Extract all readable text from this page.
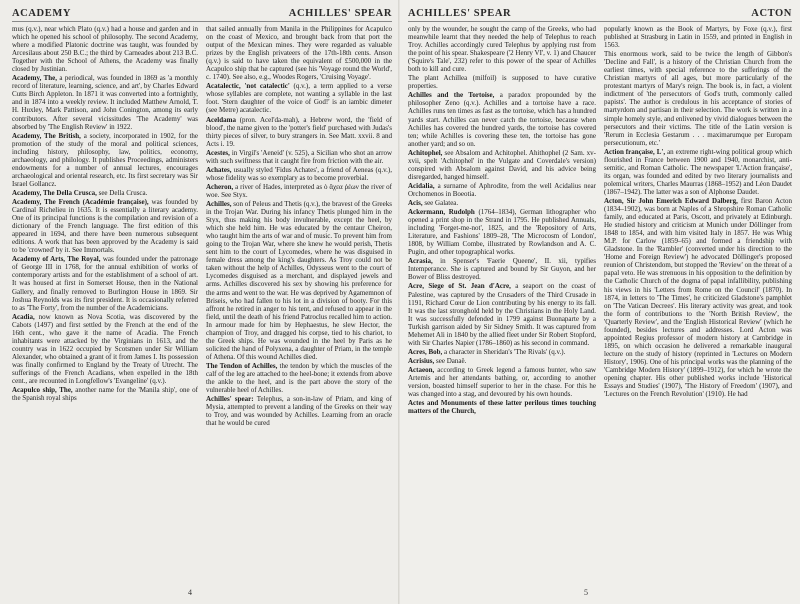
ACADEMY	ACHILLES' SPEAR

mus (q.v.), near which Plato (q.v.) had a house and garden and in which he opened his school of philosophy. The second Academy, where a modified Platonic doctrine was taught, was founded by Arcesilaus about 250 B.C.; the third by Carneades about 213 B.C. Together with the School of Athens, the Academy was finally closed by Justinian.

Academy, The, a periodical, was founded in 1869 as 'a monthly record of literature, learning, science, and art', by Charles Edward Cutts Birch Appleton. In 1871 it was converted into a fortnightly, and in 1874 into a weekly review. It included Matthew Arnold, T. H. Huxley, Mark Pattison, and John Conington, among its early contributors. After several vicissitudes 'The Academy' was absorbed by 'The English Review' in 1922.

Academy, The British, a society, incorporated in 1902, for the promotion of the study of the moral and political sciences, including history, philosophy, law, politics, economy, archaeology, and philology. It publishes Proceedings, administers endowments for a number of annual lectures, encourages archaeological and oriental research, etc. Its first secretary was Sir Israel Gollancz.

Academy, The Della Crusca, see Della Crusca.

Academy, The French (Académie française), was founded by Cardinal Richelieu in 1635. It is essentially a literary academy. One of its principal functions is the compilation and revision of a dictionary of the French language. The first edition of this appeared in 1694, and there have been numerous subsequent editions. A work that has been approved by the Academy is said to be 'crowned' by it. See Immortals.

Academy of Arts, The Royal, was founded under the patronage of George III in 1768, for the annual exhibition of works of contemporary artists and for the establishment of a school of art. It was housed at first in Somerset House, then in the National Gallery, and finally removed to Burlington House in 1869. Sir Joshua Reynolds was its first president. It is occasionally referred to as 'The Forty', from the number of the Academicians.

Acadia, now known as Nova Scotia, was discovered by the Cabots (1497) and first settled by the French at the end of the 16th cent., who gave it the name of Acadia. The French inhabitants were attacked by the Virginians in 1613, and the country was in 1622 occupied by Scotsmen under Sir William Alexander, who obtained a grant of it from James I. Its possession was finally confirmed to England by the Treaty of Utrecht. The sufferings of the French Acadians, when expelled in the 18th cent., are recounted in Longfellow's 'Evangeline' (q.v.).

Acapulco ship, The, another name for the 'Manila ship', one of the Spanish royal ships

that sailed annually from Manila in the Philippines for Acapulco on the coast of Mexico, and brought back from that port the output of the Mexican mines. They were regarded as valuable prizes by the English privateers of the 17th-18th cents. Anson (q.v.) is said to have taken the equivalent of £500,000 in the Acapulco ship that he captured (see his 'Voyage round the World', c. 1740). See also, e.g., Woodes Rogers, 'Cruising Voyage'.

Acatalectic, 'not catalectic' (q.v.), a term applied to a verse whose syllables are complete, not wanting a syllable in the last foot. 'Stern daughter of the voice of God!' is an iambic dimeter (see Metre) acatalectic.

Aceldama (pron. Acel'da-mah), a Hebrew word, the 'field of blood', the name given to the 'potter's field' purchased with Judas's thirty pieces of silver, to bury strangers in. See Matt. xxvii. 8 and Acts i. 19.

Acestes, in Virgil's 'Aeneid' (v. 525), a Sicilian who shot an arrow with such swiftness that it caught fire from friction with the air.

Achates, usually styled 'Fidus Achates', a friend of Aeneas (q.v.), whose fidelity was so exemplary as to become proverbial.

Acheron, a river of Hades, interpreted as ὁ ἄχεα ῥέων the river of woe. See Styx.

Achilles, son of Peleus and Thetis (q.v.), the bravest of the Greeks in the Trojan War. During his infancy Thetis plunged him in the Styx, thus making his body invulnerable, except the heel, by which she held him. He was educated by the centaur Cheiron, who taught him the arts of war and of music. To prevent him from going to the Trojan War, where she knew he would perish, Thetis sent him to the court of Lycomedes, where he was disguised in female dress among the king's daughters. As Troy could not be taken without the help of Achilles, Odysseus went to the court of Lycomedes disguised as a merchant, and displayed jewels and arms. Achilles discovered his sex by showing his preference for the arms and went to the war. He was deprived by Agamemnon of Briseis, who had fallen to his lot in a division of booty. For this affront he retired in anger to his tent, and refused to appear in the field, until the death of his friend Patroclus recalled him to action. In armour made for him by Hephaestus, he slew Hector, the champion of Troy, and dragged his corpse, tied to his chariot, to the Greek ships. He was wounded in the heel by Paris as he solicited the hand of Polyxena, a daughter of Priam, in the temple of Athena. Of this wound Achilles died.

The Tendon of Achilles, the tendon by which the muscles of the calf of the leg are attached to the heel-bone; it extends from above the ankle to the heel, and is the part above the story of the vulnerable heel of Achilles.

Achilles' spear: Telephus, a son-in-law of Priam, and king of Mysia, attempted to prevent a landing of the Greeks on their way to Troy, and was wounded by Achilles. Learning from an oracle that he would be cured

4
ACHILLES' SPEAR	ACTON

only by the wounder, he sought the camp of the Greeks, who had meanwhile learnt that they needed the help of Telephus to reach Troy. Achilles accordingly cured Telephus by applying rust from the point of his spear. Shakespeare ('2 Henry VI', v. 1) and Chaucer ('Squire's Tale', 232) refer to this power of the spear of Achilles both to kill and cure.

The plant Achillea (milfoil) is supposed to have curative properties.

Achilles and the Tortoise, a paradox propounded by the philosopher Zeno (q.v.). Achilles and a tortoise have a race. Achilles runs ten times as fast as the tortoise, which has a hundred yards start. Achilles can never catch the tortoise, because when Achilles has covered the hundred yards, the tortoise has covered ten; while Achilles is covering these ten, the tortoise has gone another yard; and so on.

Achitophel, see Absalom and Achitophel. Ahithophel (2 Sam. xv-xvii, spelt 'Achitophel' in the Vulgate and Coverdale's version) conspired with Absalom against David, and his advice being disregarded, hanged himself.

Acidalia, a surname of Aphrodite, from the well Acidalius near Orchomenos in Boeotia.

Acis, see Galatea.

Ackermann, Rudolph (1764–1834), German lithographer who opened a print shop in the Strand in 1795. He published Annuals, including 'Forget-me-not', 1825, and the 'Repository of Arts, Literature, and Fashions' 1809–28, 'The Microcosm of London', 1808, by William Combe, illustrated by Rowlandson and A. C. Pugin, and other topographical works.

Acrasia, in Spenser's 'Faerie Queene', II. xii, typifies Intemperance. She is captured and bound by Sir Guyon, and her Bower of Bliss destroyed.

Acre, Siege of St. Jean d'Acre, a seaport on the coast of Palestine, was captured by the Crusaders of the Third Crusade in 1191, Richard Cœur de Lion contributing by his energy to its fall. It was the last stronghold held by the Christians in the Holy Land. It was successfully defended in 1799 against Buonaparte by a Turkish garrison aided by Sir Sidney Smith. It was captured from Mehemet Ali in 1840 by the allied fleet under Sir Robert Stopford, with Sir Charles Napier (1786–1860) as his second in command.

Acres, Bob, a character in Sheridan's 'The Rivals' (q.v.).

Acrisius, see Danaë.

Actaeon, according to Greek legend a famous hunter, who saw Artemis and her attendants bathing, or, according to another version, boasted himself superior to her in the chase. For this he was changed into a stag, and devoured by his own hounds.

Actes and Monuments of these latter perilous times touching matters of the Church,

popularly known as the Book of Martyrs, by Foxe (q.v.), first published at Strasburg in Latin in 1559, and printed in English in 1563.

This enormous work, said to be twice the length of Gibbon's 'Decline and Fall', is a history of the Christian Church from the earliest times, with special reference to the sufferings of the Christian martyrs of all ages, but more particularly of the protestant martyrs of Mary's reign. The book is, in fact, a violent indictment of 'the persecutors of God's truth, commonly called papists'. The author is credulous in his acceptance of stories of martyrdom and partisan in their selection. The work is written in a simple homely style, and enlivened by vivid dialogues between the persecutors and their victims. The title of the Latin version is 'Rerum in Ecclesia Gestarum . . . maximarumque per Europam persecutionum, etc.'

Action française, L', an extreme right-wing political group which flourished in France between 1900 and 1940, monarchist, anti-semitic, and Roman Catholic. The newspaper 'L'Action française', its organ, was founded and edited by two literary journalists and polemical writers, Charles Maurras (1868–1952) and Léon Daudet (1867–1942). The latter was a son of Alphonse Daudet.

Acton, Sir John Emerich Edward Dalberg, first Baron Acton (1834–1902), was born at Naples of a Shropshire Roman Catholic family, and educated at Paris, Oscott, and privately at Edinburgh. He studied history and criticism at Munich under Döllinger from 1848 to 1854, and with him visited Italy in 1857. He was Whig M.P. for Carlow (1859–65) and formed a friendship with Gladstone. In the 'Rambler' (converted under his direction to the 'Home and Foreign Review') he advocated Döllinger's proposed reunion of Christendom, but stopped the 'Review' on the threat of a papal veto. He was strenuous in his opposition to the definition by the Catholic Church of the dogma of papal infallibility, publishing his views in his 'Letters from Rome on the Council' (1870). In 1874, in letters to 'The Times', he criticized Gladstone's pamphlet on 'The Vatican Decrees'. His literary activity was great, and took the form of contributions to the 'North British Review', the 'Quarterly Review', and the 'English Historical Review' (which he founded), besides lectures and addresses. Lord Acton was appointed Regius professor of modern history at Cambridge in 1895, on which occasion he delivered a remarkable inaugural lecture on the study of history (reprinted in 'Lectures on Modern History', 1906). One of his principal works was the planning of the 'Cambridge Modern History' (1899–1912), for which he wrote the opening chapter. His other published works include 'Historical Essays and Studies' (1907), 'The History of Freedom' (1907), and 'Lectures on the French Revolution' (1910). He had

5
